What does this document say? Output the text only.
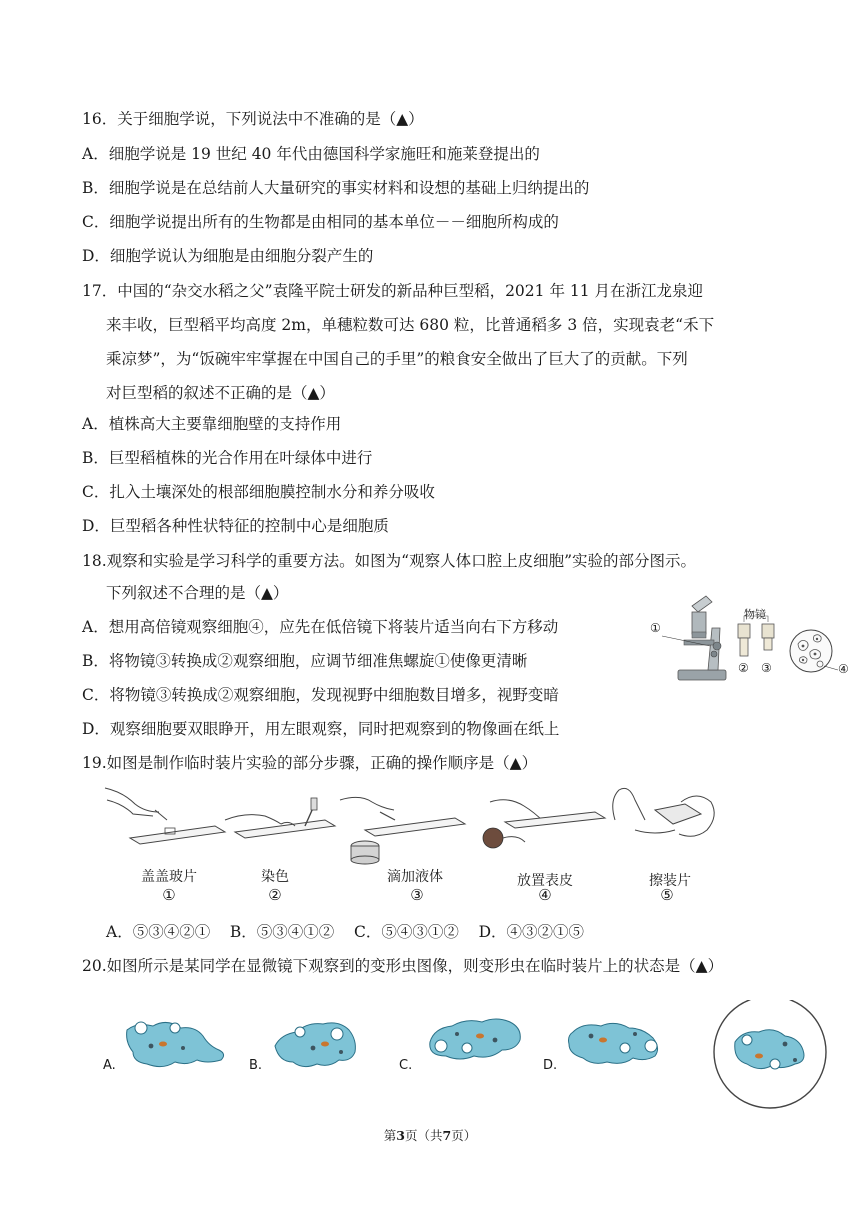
16．关于细胞学说，下列说法中不准确的是（▲）
A．细胞学说是 19 世纪 40 年代由德国科学家施旺和施莱登提出的
B．细胞学说是在总结前人大量研究的事实材料和设想的基础上归纳提出的
C．细胞学说提出所有的生物都是由相同的基本单位－－细胞所构成的
D．细胞学说认为细胞是由细胞分裂产生的
17．中国的“杂交水稻之父”袁隆平院士研发的新品种巨型稻，2021 年 11 月在浙江龙泉迎
来丰收，巨型稻平均高度 2m，单穗粒数可达 680 粒，比普通稻多 3 倍，实现袁老“禾下
乘凉梦”，为“饭碗牢牢掌握在中国自己的手里”的粮食安全做出了巨大了的贡献。下列
对巨型稻的叙述不正确的是（▲）
A．植株高大主要靠细胞壁的支持作用
B．巨型稻植株的光合作用在叶绿体中进行
C．扎入土壤深处的根部细胞膜控制水分和养分吸收
D．巨型稻各种性状特征的控制中心是细胞质
18.观察和实验是学习科学的重要方法。如图为“观察人体口腔上皮细胞”实验的部分图示。
下列叙述不合理的是（▲）
A．想用高倍镜观察细胞④，应先在低倍镜下将装片适当向右下方移动
B．将物镜③转换成②观察细胞，应调节细准焦螺旋①使像更清晰
C．将物镜③转换成②观察细胞，发现视野中细胞数目增多，视野变暗
D．观察细胞要双眼睁开，用左眼观察，同时把观察到的物像画在纸上
①
物镜
② ③	④
19.如图是制作临时装片实验的部分步骤，正确的操作顺序是（▲）
盖盖玻片
①
染色
②
滴加液体
③
放置表皮
④
擦装片
⑤
A．⑤③④②①    B．⑤③④①②    C．⑤④③①②    D．④③②①⑤
20.如图所示是某同学在显微镜下观察到的变形虫图像，则变形虫在临时装片上的状态是（▲）
A.	B.	C.	D.
第3页（共7页）
